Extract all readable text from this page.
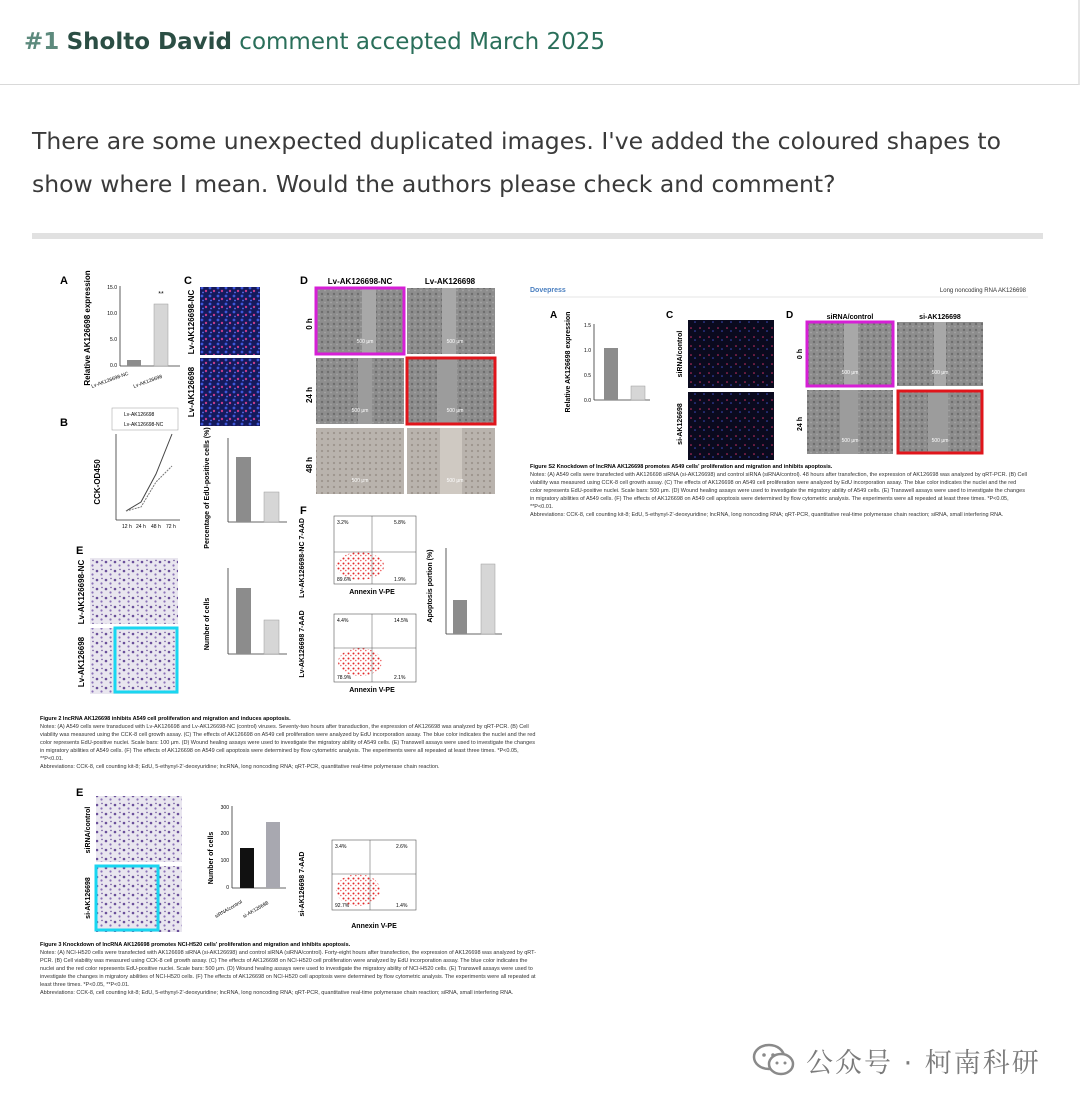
#1 Sholto David comment accepted March 2025
There are some unexpected duplicated images. I've added the coloured shapes to show where I mean. Would the authors please check and comment?
A Relative AK126698 expression	15.0
10.0
5.0
0.0
**
Lv-AK126698-NC Lv-AK126698
B
Lv-AK126698
Lv-AK126698-NC
CCK-OD450
12 h 24 h 48 h 72 h
C
Lv-AK126698-NC
Lv-AK126698
Percentage of EdU-positive cells (%)
D Lv-AK126698-NC	Lv-AK126698
0 h
24 h
48 h
500 μm	500 μm
500 μm	500 μm
500 μm	500 μm
E
Lv-AK126698-NC
Lv-AK126698
Number of cells
F
Lv-AK126698-NC 7-AAD
Lv-AK126698 7-AAD
3.2%	5.8%
89.6%	1.9%
Annexin V-PE
4.4%	14.5%
78.9%	2.1%
Annexin V-PE
Apoptosis portion (%)
Figure 2 lncRNA AK126698 inhibits A549 cell proliferation and migration and induces apoptosis.
Notes: (A) A549 cells were transduced with Lv-AK126698 and Lv-AK126698-NC (control) viruses. Seventy-two hours after transduction, the expression of AK126698 was analyzed by qRT-PCR. (B) Cell viability was measured using the CCK-8 cell growth assay. (C) The effects of AK126698 on A549 cell proliferation were analyzed by EdU incorporation assay. The blue color indicates the nuclei and the red color represents EdU-positive nuclei. Scale bars: 100 μm. (D) Wound healing assays were used to investigate the migratory ability of A549 cells. (E) Transwell assays were used to investigate the changes in migratory abilities of A549 cells. (F) The effects of AK126698 on A549 cell apoptosis were determined by flow cytometric analysis. The experiments were all repeated at least three times. *P<0.05, **P<0.01.
Abbreviations: CCK-8, cell counting kit-8; EdU, 5-ethynyl-2'-deoxyuridine; lncRNA, long noncoding RNA; qRT-PCR, quantitative real-time polymerase chain reaction.
Dovepress	Long noncoding RNA AK126698
A Relative AK126698 expression 1.5
1.0
0.5
0.0
C
siRNA/control
si-AK126698
D	siRNA/control	si-AK126698
0 h
24 h
500 μm	500 μm
500 μm	500 μm
Figure S2 Knockdown of lncRNA AK126698 promotes A549 cells' proliferation and migration and inhibits apoptosis.
Notes: (A) A549 cells were transfected with AK126698 siRNA (si-AK126698) and control siRNA (siRNA/control). 48 hours after transfection, the expression of AK126698 was analyzed by qRT-PCR. (B) Cell viability was measured using CCK-8 cell growth assay. (C) The effects of AK126698 on A549 cell proliferation were analyzed by EdU incorporation assay. The blue color indicates the nuclei and the red color represents EdU-positive nuclei. Scale bars: 500 μm. (D) Wound healing assays were used to investigate the migratory ability of A549 cells. (E) Transwell assays were used to investigate the changes in migratory abilities of A549 cells. (F) The effects of AK126698 on A549 cell apoptosis were determined by flow cytometric analysis. The experiments were all repeated at least three times. *P<0.05, **P<0.01.
Abbreviations: CCK-8, cell counting kit-8; EdU, 5-ethynyl-2'-deoxyuridine; lncRNA, long noncoding RNA; qRT-PCR, quantitative real-time polymerase chain reaction; siRNA, small interfering RNA.
E
siRNA/control
si-AK126698
Number of cells
300
200
100
0
siRNA/control
si-AK126698	si-AK126698 7-AAD
3.4%	2.6%
92.7%	1.4%
Annexin V-PE
Figure 3 Knockdown of lncRNA AK126698 promotes NCI-H520 cells' proliferation and migration and inhibits apoptosis.
Notes: (A) NCI-H520 cells were transfected with AK126698 siRNA (si-AK126698) and control siRNA (siRNA/control). Forty-eight hours after transfection, the expression of AK126698 was analyzed by qRT-PCR. (B) Cell viability was measured using CCK-8 cell growth assay. (C) The effects of AK126698 on NCI-H520 cell proliferation were analyzed by EdU incorporation assay. The blue color indicates the nuclei and the red color represents EdU-positive nuclei. Scale bars: 500 μm. (D) Wound healing assays were used to investigate the migratory ability of NCI-H520 cells. (E) Transwell assays were used to investigate the changes in migratory abilities of NCI-H520 cells. (F) The effects of AK126698 on NCI-H520 cell apoptosis were determined by flow cytometric analysis. The experiments were all repeated at least three times. *P<0.05, **P<0.01.
Abbreviations: CCK-8, cell counting kit-8; EdU, 5-ethynyl-2'-deoxyuridine; lncRNA, long noncoding RNA; qRT-PCR, quantitative real-time polymerase chain reaction; siRNA, small interfering RNA.
公众号 · 柯南科研
